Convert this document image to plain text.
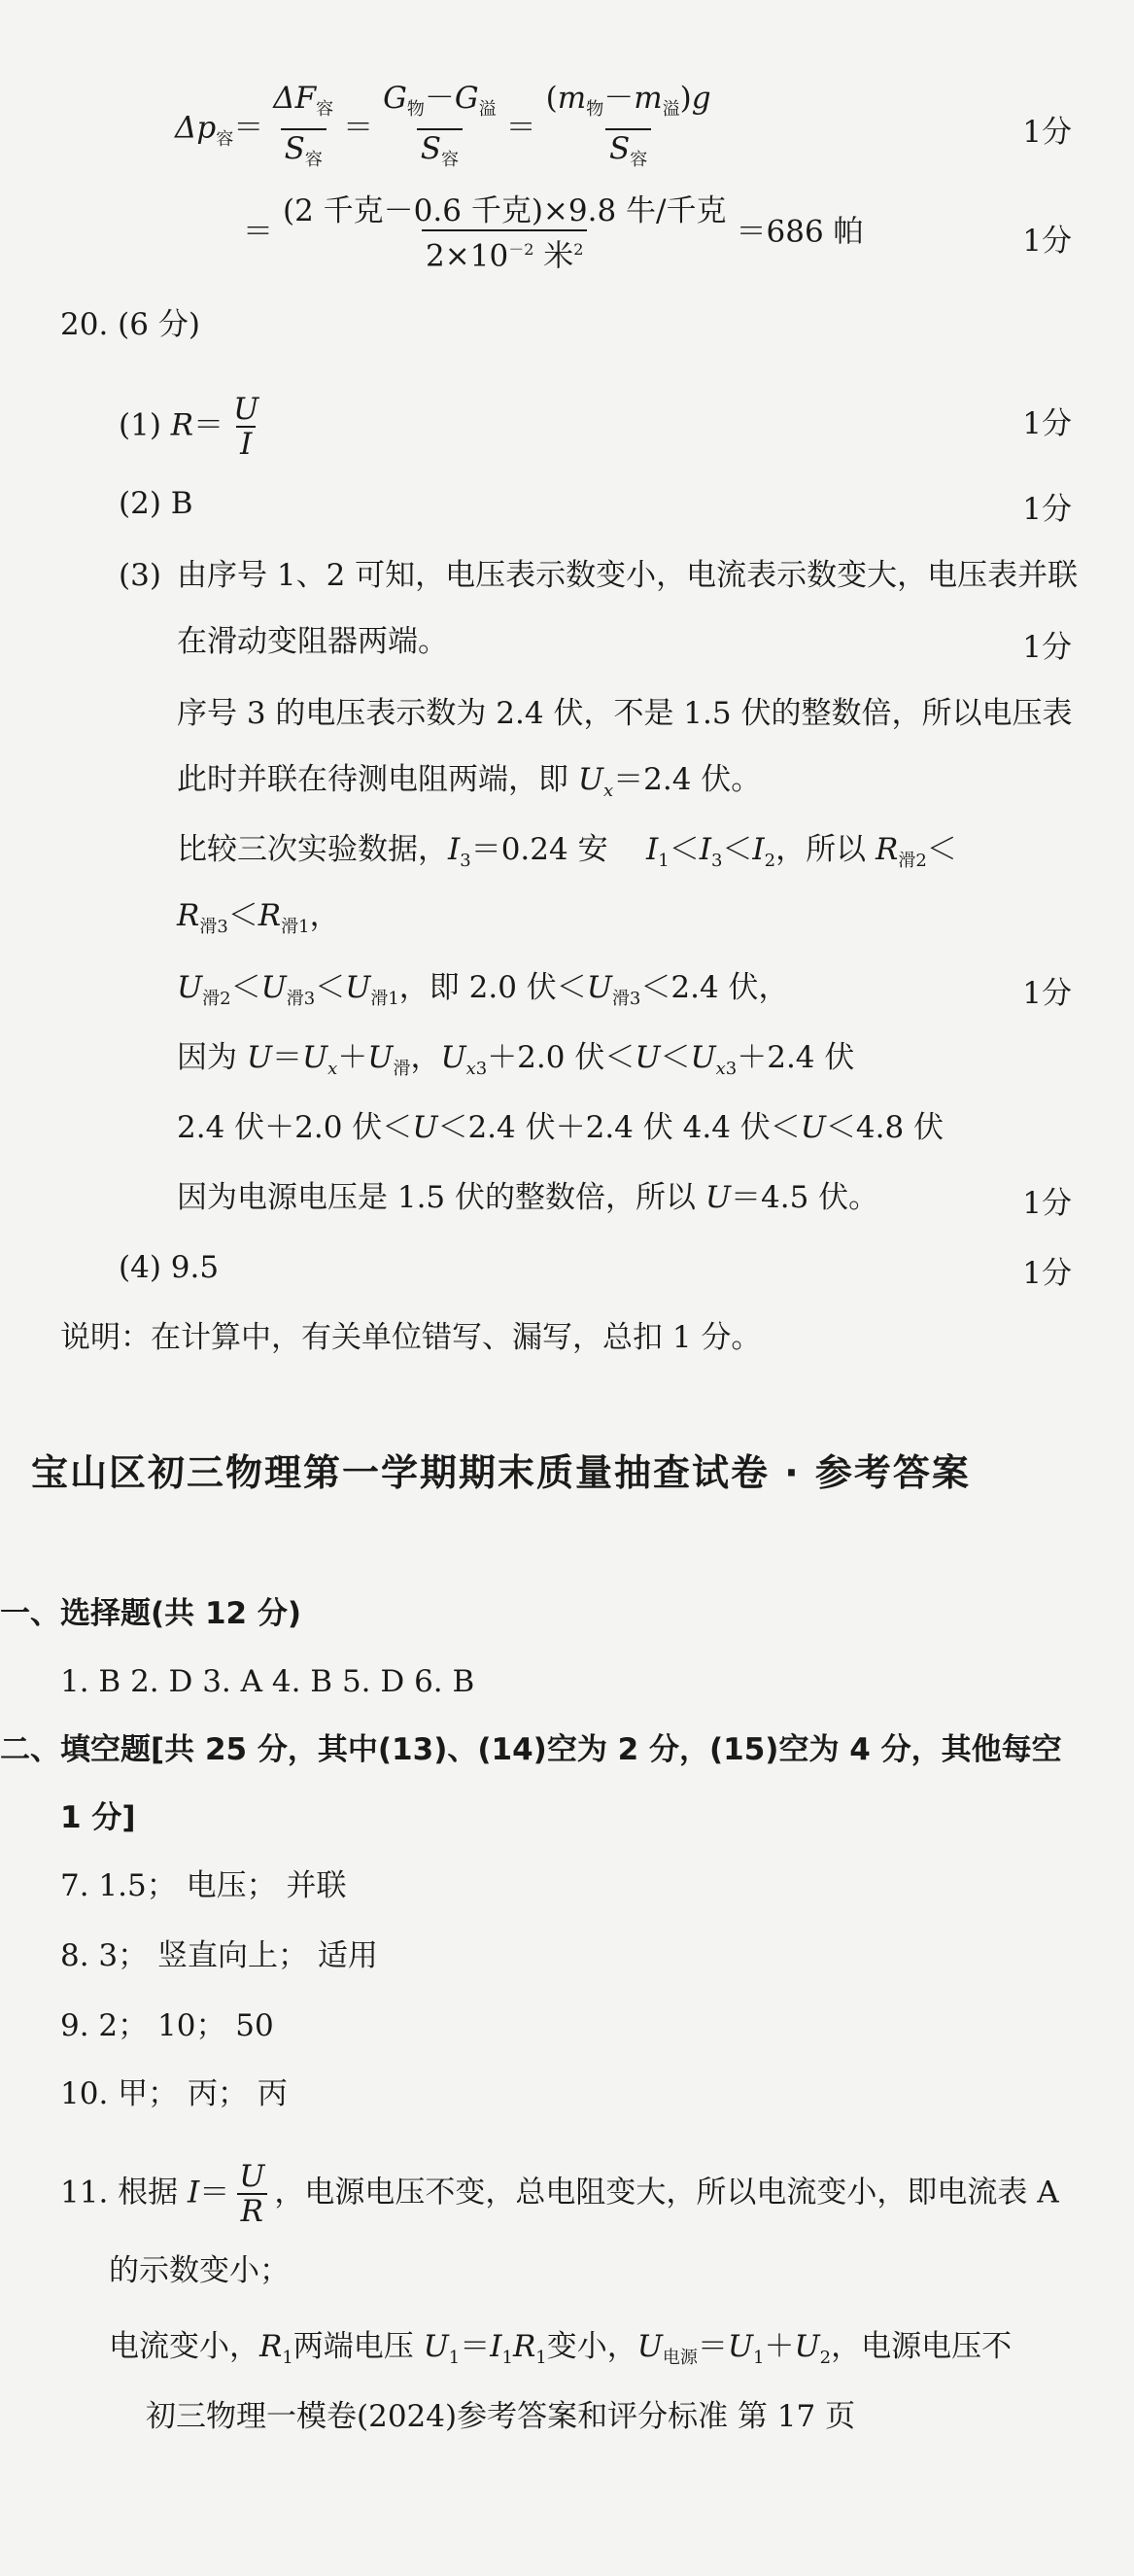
$\Delta p_容= \frac{\Delta F_容}{S_容} = \frac{G_物-G_溢}{S_容} = \frac{(m_物-m_溢)g}{S_容}$	1分
＝ $\frac{\text{(2 千克－0.6 千克)×9.8 牛/千克}}{2\times 10^{-2} 米^2} =686$ 帕	1分
20. (6 分)
(1) $R= \frac{U}{I}$	1分
(2) B	1分
(3) 由序号 1、2 可知，电压表示数变小，电流表示数变大，电压表并联
在滑动变阻器两端。	1分
序号 3 的电压表示数为 2.4 伏，不是 1.5 伏的整数倍，所以电压表
此时并联在待测电阻两端，即 $U_x=2.4$ 伏。
比较三次实验数据，$I_3=0.24$ 安 $I_1<I_3<I_2$，所以 $R_{滑2}<$
$R_{滑3}<R_{滑1}$，
$U_{滑2}<U_{滑3}<U_{滑1}$，即 2.0 伏$<U_{滑3}<2.4$ 伏，	1分
因为 $U=U_x+U_滑$，$U_{x3}+2.0$ 伏$<U<U_{x3}+2.4$ 伏
2.4 伏＋2.0 伏＜U＜2.4 伏＋2.4 伏 4.4 伏＜U＜4.8 伏
因为电源电压是 1.5 伏的整数倍，所以 U＝4.5 伏。	1分
(4) 9.5	1分
说明：在计算中，有关单位错写、漏写，总扣 1 分。
宝山区初三物理第一学期期末质量抽查试卷 · 参考答案
一、选择题(共 12 分)
1. B 2. D 3. A 4. B 5. D 6. B
二、填空题[共 25 分，其中(13)、(14)空为 2 分，(15)空为 4 分，其他每空
1 分]
7. 1.5； 电压； 并联
8. 3； 竖直向上； 适用
9. 2； 10； 50
10. 甲； 丙； 丙
11. 根据 $I= \frac{U}{R}$ ，电源电压不变，总电阻变大，所以电流变小，即电流表 A
的示数变小；
电流变小，$R_1$两端电压 $U_1=I_1R_1$变小，$U_{电源}=U_1+U_2$，电源电压不
初三物理一模卷(2024)参考答案和评分标准 第 17 页
